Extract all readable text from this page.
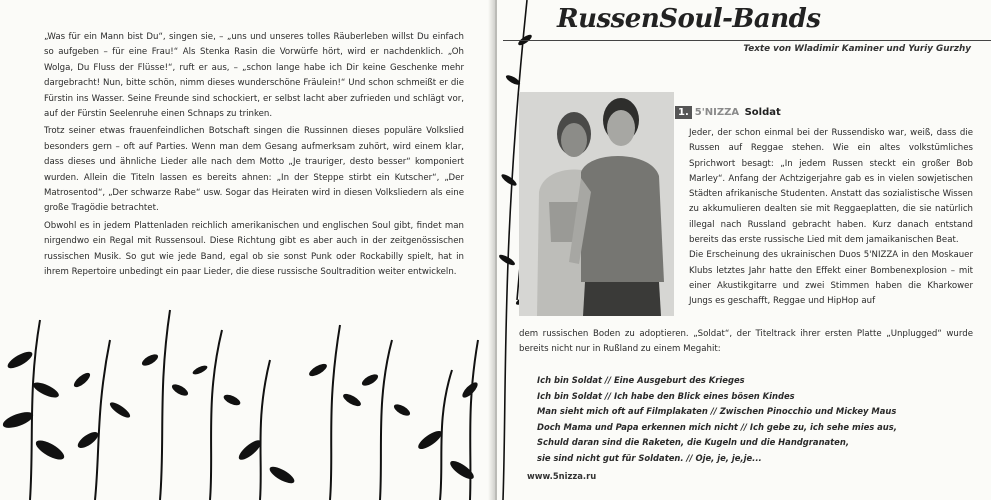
„Was für ein Mann bist Du“, singen sie, – „uns und unseres tolles Räuberleben willst Du einfach so aufgeben – für eine Frau!“ Als Stenka Rasin die Vorwürfe hört, wird er nachdenklich. „Oh Wolga, Du Fluss der Flüsse!“, ruft er aus, – „schon lange habe ich Dir keine Geschenke mehr dargebracht! Nun, bitte schön, nimm dieses wunderschöne Fräulein!“ Und schon schmeißt er die Fürstin ins Wasser. Seine Freunde sind schockiert, er selbst lacht aber zufrieden und schlägt vor, auf der Fürstin Seelenruhe einen Schnaps zu trinken.

Trotz seiner etwas frauenfeindlichen Botschaft singen die Russinnen dieses populäre Volkslied besonders gern – oft auf Parties. Wenn man dem Gesang aufmerksam zuhört, wird einem klar, dass dieses und ähnliche Lieder alle nach dem Motto „Je trauriger, desto besser“ komponiert wurden. Allein die Titeln lassen es bereits ahnen: „In der Steppe stirbt ein Kutscher“, „Der Matrosentod“, „Der schwarze Rabe“ usw. Sogar das Heiraten wird in diesen Volksliedern als eine große Tragödie betrachtet.

Obwohl es in jedem Plattenladen reichlich amerikanischen und englischen Soul gibt, findet man nirgendwo ein Regal mit Russensoul. Diese Richtung gibt es aber auch in der zeitgenössischen russischen Musik. So gut wie jede Band, egal ob sie sonst Punk oder Rockabilly spielt, hat in ihrem Repertoire unbedingt ein paar Lieder, die diese russische Soultradition weiter entwickeln.

RussenSoul-Bands
Texte von Wladimir Kaminer und Yuriy Gurzhy
1. 5'NIZZA Soldat

Jeder, der schon einmal bei der Russendisko war, weiß, dass die Russen auf Reggae stehen. Wie ein altes volkstümliches Sprichwort besagt: „In jedem Russen steckt ein großer Bob Marley“. Anfang der Achtzigerjahre gab es in vielen sowjetischen Städten afrikanische Studenten. Anstatt das sozialistische Wissen zu akkumulieren dealten sie mit Reggaeplatten, die sie natürlich illegal nach Russland gebracht haben. Kurz danach entstand bereits das erste russische Lied mit dem jamaikanischen Beat.

Die Erscheinung des ukrainischen Duos 5'NIZZA in den Moskauer Klubs letztes Jahr hatte den Effekt einer Bombenexplosion – mit einer Akustikgitarre und zwei Stimmen haben die Kharkower Jungs es geschafft, Reggae und HipHop auf

dem russischen Boden zu adoptieren. „Soldat“, der Titeltrack ihrer ersten Platte „Unplugged“ wurde bereits nicht nur in Rußland zu einem Megahit:

Ich bin Soldat // Eine Ausgeburt des Krieges
Ich bin Soldat // Ich habe den Blick eines bösen Kindes
Man sieht mich oft auf Filmplakaten // Zwischen Pinocchio und Mickey Maus
Doch Mama und Papa erkennen mich nicht // Ich gebe zu, ich sehe mies aus,
Schuld daran sind die Raketen, die Kugeln und die Handgranaten,
sie sind nicht gut für Soldaten. // Oje, je, je,je...
www.5nizza.ru
